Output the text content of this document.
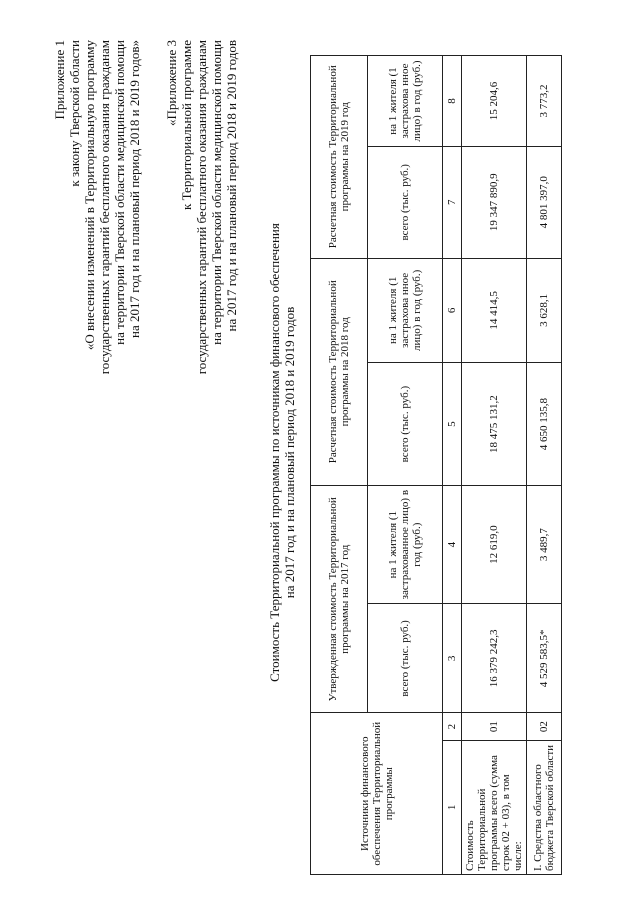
Приложение 1 к закону Тверской области «О внесении изменений в Территориальную программу государственных гарантий бесплатного оказания гражданам на территории Тверской области медицинской помощи на 2017 год и на плановый период 2018 и 2019 годов» «Приложение 3 к Территориальной программе государственных гарантий бесплатного оказания гражданам на территории Тверской области медицинской помощи на 2017 год и на плановый период 2018 и 2019 годов
Стоимость Территориальной программы по источникам финансового обеспечения на 2017 год и на плановый период 2018 и 2019 годов
Источники финансового обеспечения Территориальной программы		Утвержденная стоимость Территориальной программы на 2017 год		Расчетная стоимость Территориальной программы на 2018 год		Расчетная стоимость Территориальной программы на 2019 год	
		всего (тыс. руб.)	на 1 жителя (1 застрахованное лицо) в год (руб.)	всего (тыс. руб.)	на 1 жителя (1 застрахова нное лицо) в год (руб.)	всего (тыс. руб.)	на 1 жителя (1 застрахова нное лицо) в год (руб.)
1	2	3	4	5	6	7	8
Стоимость Территориальной программы всего (сумма строк 02 + 03), в том числе:	01	16 379 242,3	12 619,0	18 475 131,2	14 414,5	19 347 890,9	15 204,6
I. Средства областного бюджета Тверской области	02	4 529 583,5*	3 489,7	4 650 135,8	3 628,1	4 801 397,0	3 773,2
